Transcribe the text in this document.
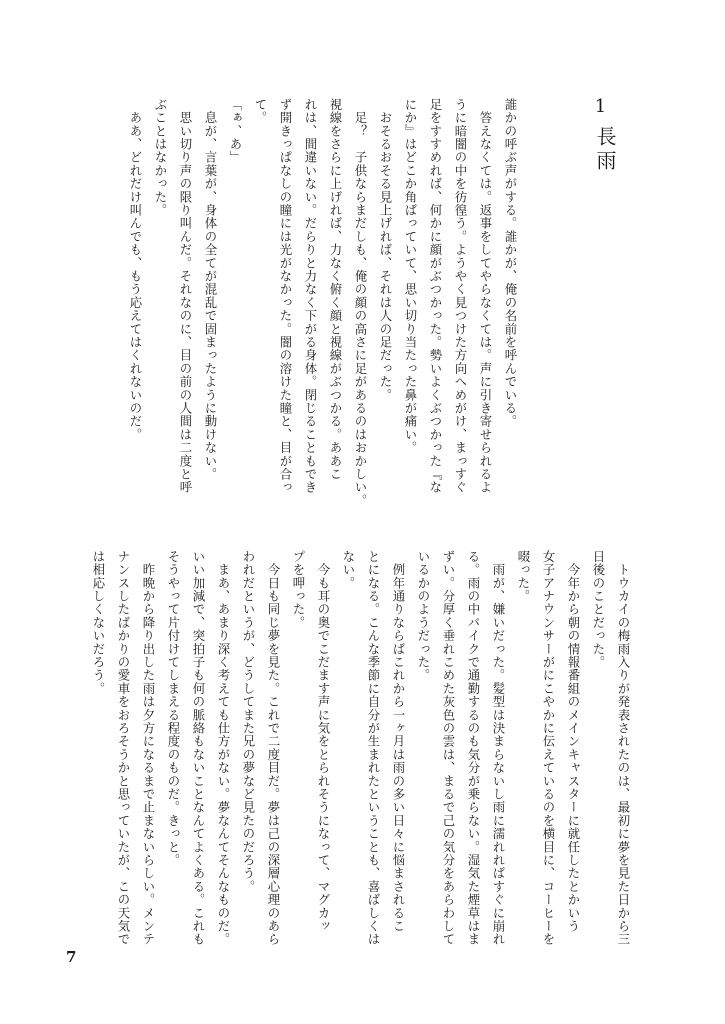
1
長雨
誰かの呼ぶ声がする。誰かが、俺の名前を呼んでいる。
　答えなくては。返事をしてやらなくては。声に引き寄せられるよ
うに暗闇の中を彷徨う。ようやく見つけた方向へめがけ、まっすぐ
足をすすめれば、何かに顔がぶつかった。勢いよくぶつかった『な
にか』はどこか角ばっていて、思い切り当たった鼻が痛い。
　おそるおそる見上げれば、それは人の足だった。
　足？　子供ならまだしも、俺の顔の高さに足があるのはおかしい。
視線をさらに上げれば、力なく俯く顔と視線がぶつかる。ああこ
れは、間違いない。だらりと力なく下がる身体。閉じることもでき
ず開きっぱなしの瞳には光がなかった。闇の溶けた瞳と、目が合っ
て。
「ぁ、あ」
　息が、言葉が、身体の全てが混乱で固まったように動けない。
　思い切り声の限り叫んだ。それなのに、目の前の人間は二度と呼
ぶことはなかった。
　ああ、どれだけ叫んでも、もう応えてはくれないのだ。
　トウカイの梅雨入りが発表されたのは、最初に夢を見た日から三
日後のことだった。
　今年から朝の情報番組のメインキャスターに就任したとかいう
女子アナウンサーがにこやかに伝えているのを横目に、コーヒーを
啜った。
　雨が、嫌いだった。髪型は決まらないし雨に濡れればすぐに崩れ
る。雨の中バイクで通勤するのも気分が乗らない。湿気た煙草はま
ずい。分厚く垂れこめた灰色の雲は、まるで己の気分をあらわして
いるかのようだった。
　例年通りならばこれから一ヶ月は雨の多い日々に悩まされるこ
とになる。こんな季節に自分が生まれたということも、喜ばしくは
ない。
　今も耳の奥でこだます声に気をとられそうになって、マグカッ
プを呷った。
　今日も同じ夢を見た。これで二度目だ。夢は己の深層心理のあら
われだというが、どうしてまた兄の夢など見たのだろう。
　まあ、あまり深く考えても仕方がない。夢なんてそんなものだ。
いい加減で、突拍子も何の脈絡もないことなんてよくある。これも
そうやって片付けてしまえる程度のものだ。きっと。
　昨晩から降り出した雨は夕方になるまで止まないらしい。メンテ
ナンスしたばかりの愛車をおろそうかと思っていたが、この天気で
は相応しくないだろう。
7
